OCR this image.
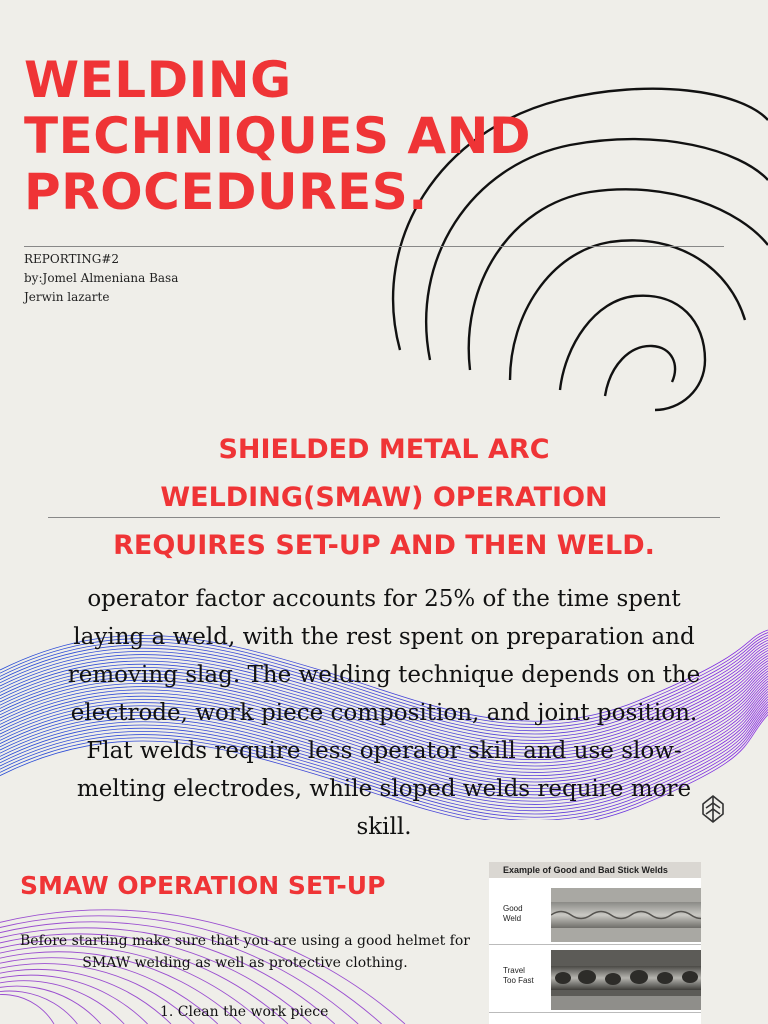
WELDING
TECHNIQUES AND
PROCEDURES.
REPORTING#2
by:Jomel Almeniana Basa
Jerwin lazarte
SHIELDED METAL ARC
WELDING(SMAW) OPERATION
REQUIRES SET-UP AND THEN WELD.
operator factor accounts for 25% of the time spent
laying a weld, with the rest spent on preparation and
removing slag. The welding technique depends on the
electrode, work piece composition, and joint position.
Flat welds require less operator skill and use slow-
melting electrodes, while sloped welds require more
skill.
SMAW OPERATION SET-UP
Before starting make sure that you are using a good helmet for
SMAW welding as well as protective clothing.
1. Clean the work piece
Example of Good and Bad Stick Welds
Good
Weld
Travel
Too Fast
